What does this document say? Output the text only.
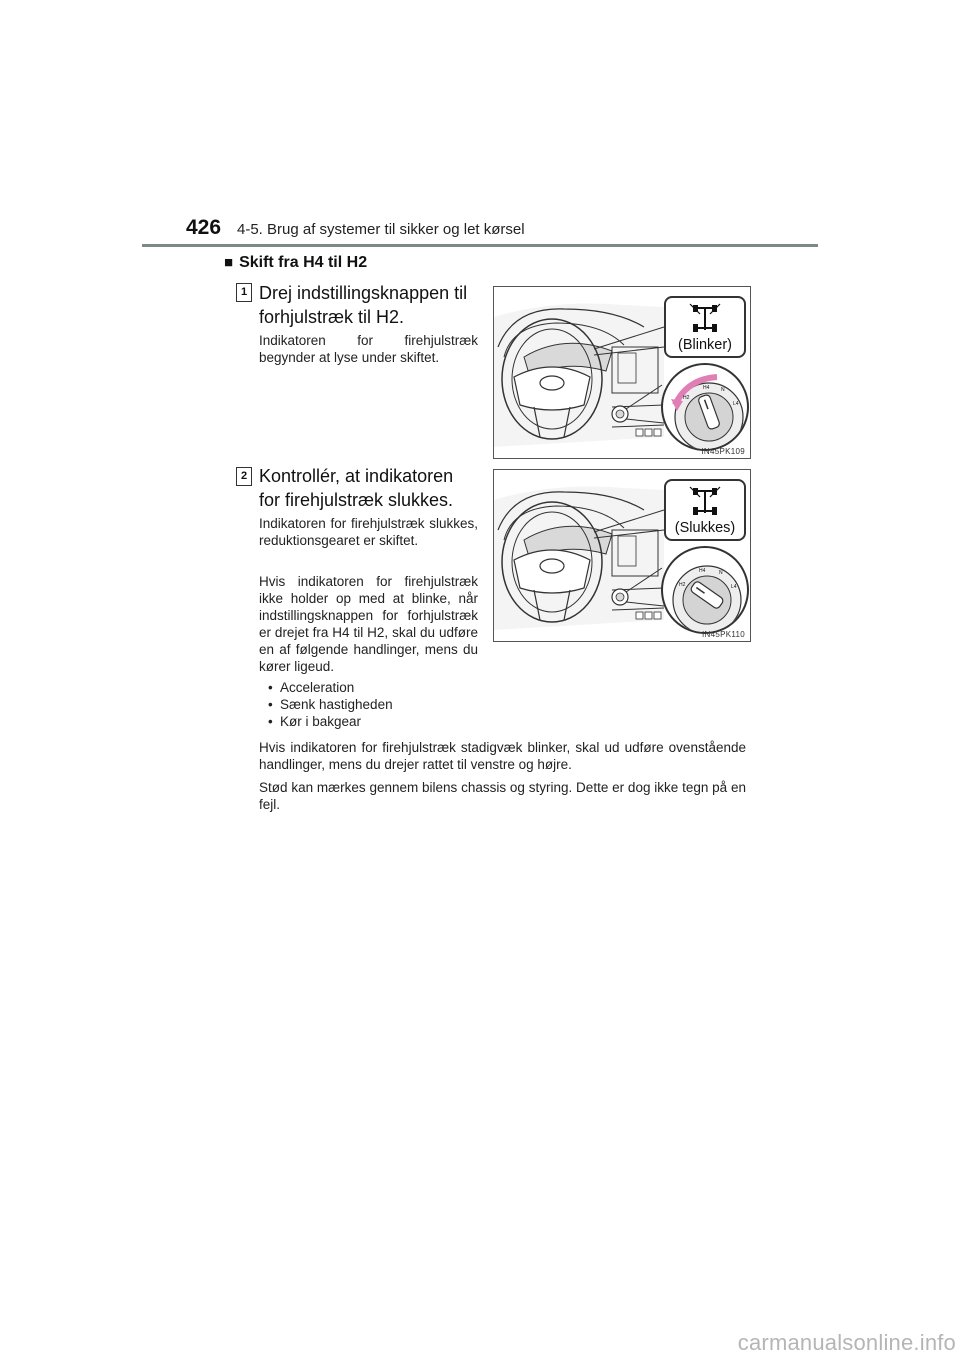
426 4-5. Brug af systemer til sikker og let kørsel
■ Skift fra H4 til H2
1 Drej indstillingsknappen til forhjulstræk til H2.

Indikatoren for firehjulstræk begynder at lyse under skiftet.

(Blinker)
H2
H4 N
L4
IN45PK109
2 Kontrollér, at indikatoren for firehjulstræk slukkes.

Indikatoren for firehjulstræk slukkes, reduktionsgearet er skiftet.

Hvis indikatoren for firehjulstræk ikke holder op med at blinke, når indstillingsknappen for forhjulstræk er drejet fra H4 til H2, skal du udføre en af følgende handlinger, mens du kører ligeud.

(Slukkes)
H2
H4	N
L4
IN45PK110
• Acceleration
• Sænk hastigheden
• Kør i bakgear

Hvis indikatoren for firehjulstræk stadigvæk blinker, skal ud udføre ovenstående handlinger, mens du drejer rattet til venstre og højre.

Stød kan mærkes gennem bilens chassis og styring. Dette er dog ikke tegn på en fejl.

carmanualsonline.info
